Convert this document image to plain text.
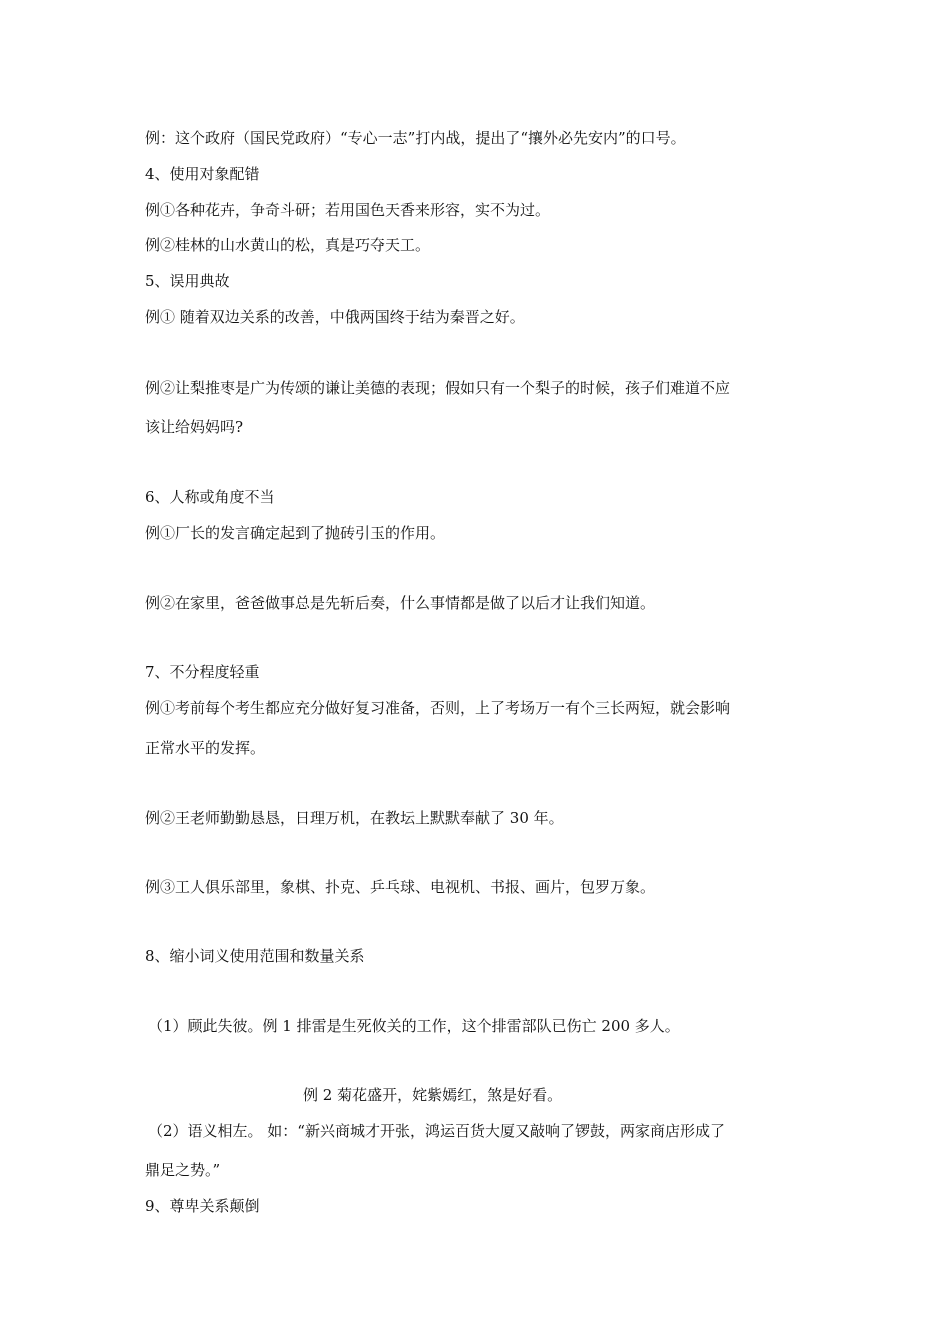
例：这个政府（国民党政府）“专心一志”打内战，提出了“攘外必先安内”的口号。

4、使用对象配错

例①各种花卉，争奇斗研；若用国色天香来形容，实不为过。

例②桂林的山水黄山的松，真是巧夺天工。

5、误用典故

例① 随着双边关系的改善，中俄两国终于结为秦晋之好。

例②让梨推枣是广为传颂的谦让美德的表现；假如只有一个梨子的时候，孩子们难道不应

该让给妈妈吗?

6、人称或角度不当

例①厂长的发言确定起到了抛砖引玉的作用。

例②在家里，爸爸做事总是先斩后奏，什么事情都是做了以后才让我们知道。

7、不分程度轻重

例①考前每个考生都应充分做好复习准备，否则，上了考场万一有个三长两短，就会影响

正常水平的发挥。

例②王老师勤勤恳恳，日理万机，在教坛上默默奉献了 30 年。

例③工人俱乐部里，象棋、扑克、乒乓球、电视机、书报、画片，包罗万象。

8、缩小词义使用范围和数量关系

（1）顾此失彼。例 1 排雷是生死攸关的工作，这个排雷部队已伤亡 200 多人。

例 2 菊花盛开，姹紫嫣红，煞是好看。

（2）语义相左。 如：“新兴商城才开张，鸿运百货大厦又敲响了锣鼓，两家商店形成了

鼎足之势。”

9、尊卑关系颠倒
